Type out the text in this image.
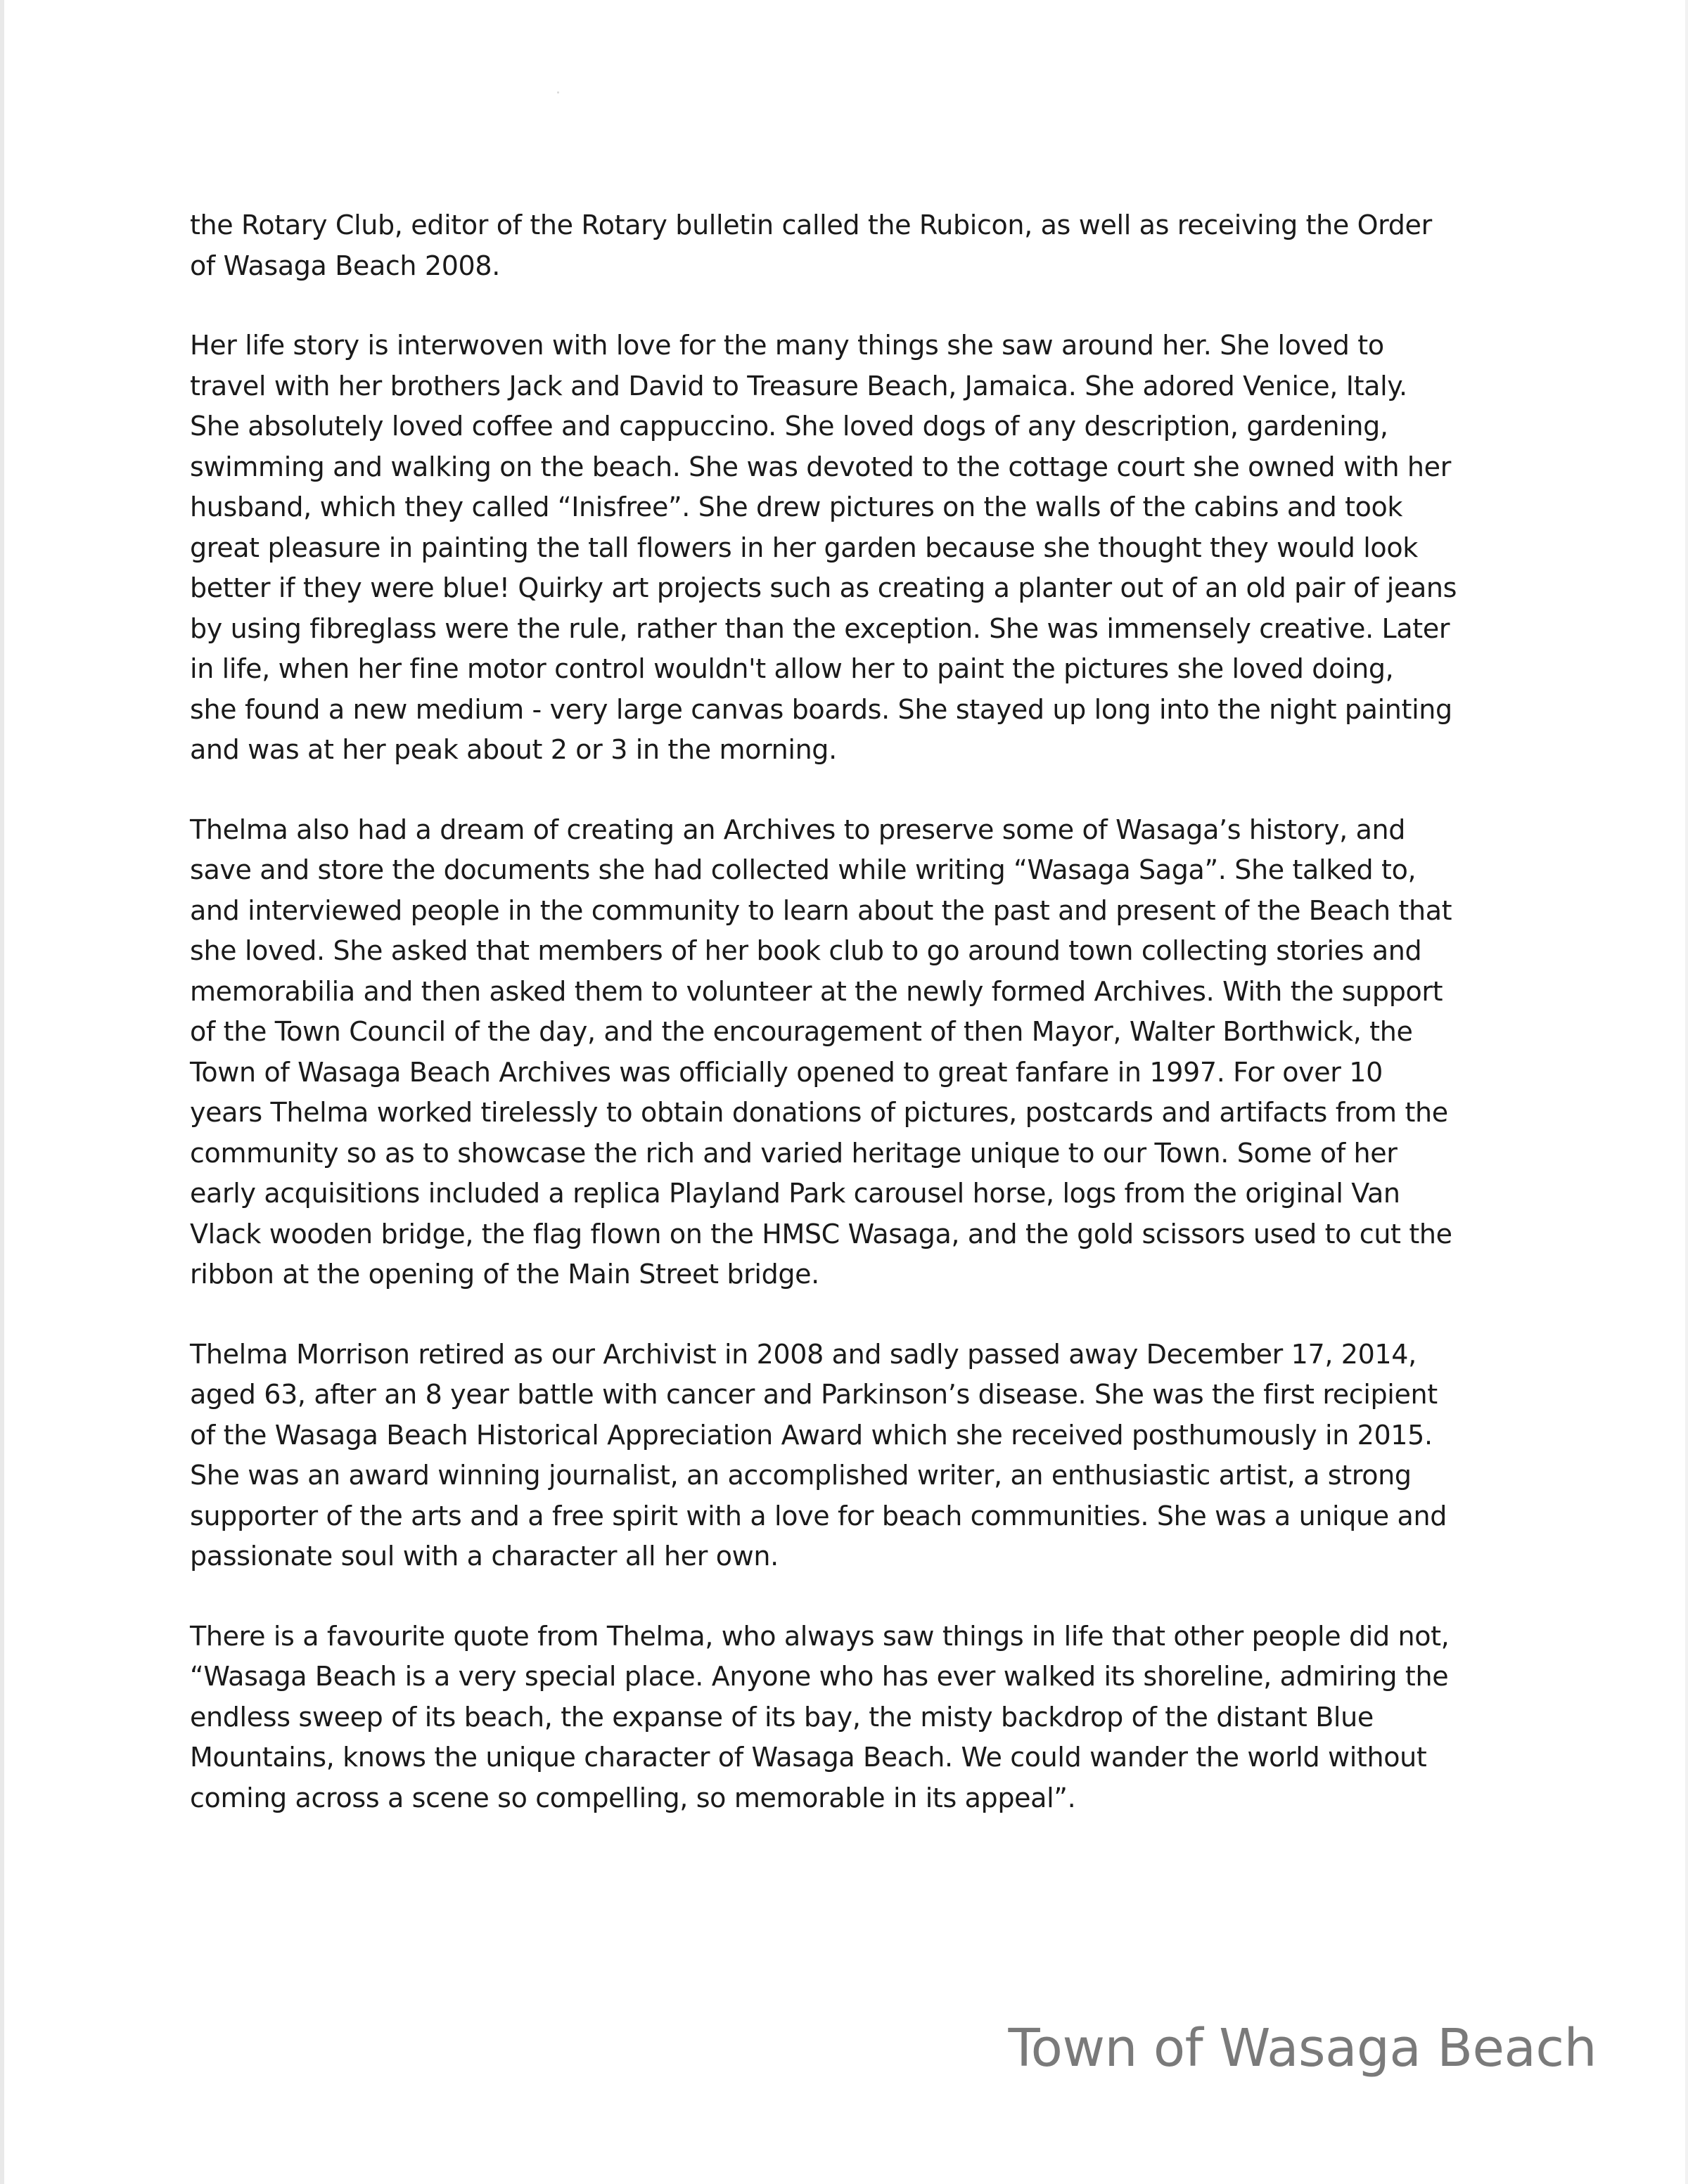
the Rotary Club, editor of the Rotary bulletin called the Rubicon, as well as receiving the Order
of Wasaga Beach 2008.
Her life story is interwoven with love for the many things she saw around her. She loved to
travel with her brothers Jack and David to Treasure Beach, Jamaica. She adored Venice, Italy.
She absolutely loved coffee and cappuccino. She loved dogs of any description, gardening,
swimming and walking on the beach. She was devoted to the cottage court she owned with her
husband, which they called “Inisfree”. She drew pictures on the walls of the cabins and took
great pleasure in painting the tall flowers in her garden because she thought they would look
better if they were blue! Quirky art projects such as creating a planter out of an old pair of jeans
by using fibreglass were the rule, rather than the exception. She was immensely creative. Later
in life, when her fine motor control wouldn't allow her to paint the pictures she loved doing,
she found a new medium - very large canvas boards. She stayed up long into the night painting
and was at her peak about 2 or 3 in the morning.
Thelma also had a dream of creating an Archives to preserve some of Wasaga’s history, and
save and store the documents she had collected while writing “Wasaga Saga”. She talked to,
and interviewed people in the community to learn about the past and present of the Beach that
she loved. She asked that members of her book club to go around town collecting stories and
memorabilia and then asked them to volunteer at the newly formed Archives. With the support
of the Town Council of the day, and the encouragement of then Mayor, Walter Borthwick, the
Town of Wasaga Beach Archives was officially opened to great fanfare in 1997. For over 10
years Thelma worked tirelessly to obtain donations of pictures, postcards and artifacts from the
community so as to showcase the rich and varied heritage unique to our Town. Some of her
early acquisitions included a replica Playland Park carousel horse, logs from the original Van
Vlack wooden bridge, the flag flown on the HMSC Wasaga, and the gold scissors used to cut the
ribbon at the opening of the Main Street bridge.
Thelma Morrison retired as our Archivist in 2008 and sadly passed away December 17, 2014,
aged 63, after an 8 year battle with cancer and Parkinson’s disease. She was the first recipient
of the Wasaga Beach Historical Appreciation Award which she received posthumously in 2015.
She was an award winning journalist, an accomplished writer, an enthusiastic artist, a strong
supporter of the arts and a free spirit with a love for beach communities. She was a unique and
passionate soul with a character all her own.
There is a favourite quote from Thelma, who always saw things in life that other people did not,
“Wasaga Beach is a very special place. Anyone who has ever walked its shoreline, admiring the
endless sweep of its beach, the expanse of its bay, the misty backdrop of the distant Blue
Mountains, knows the unique character of Wasaga Beach. We could wander the world without
coming across a scene so compelling, so memorable in its appeal”.
Town of Wasaga Beach
